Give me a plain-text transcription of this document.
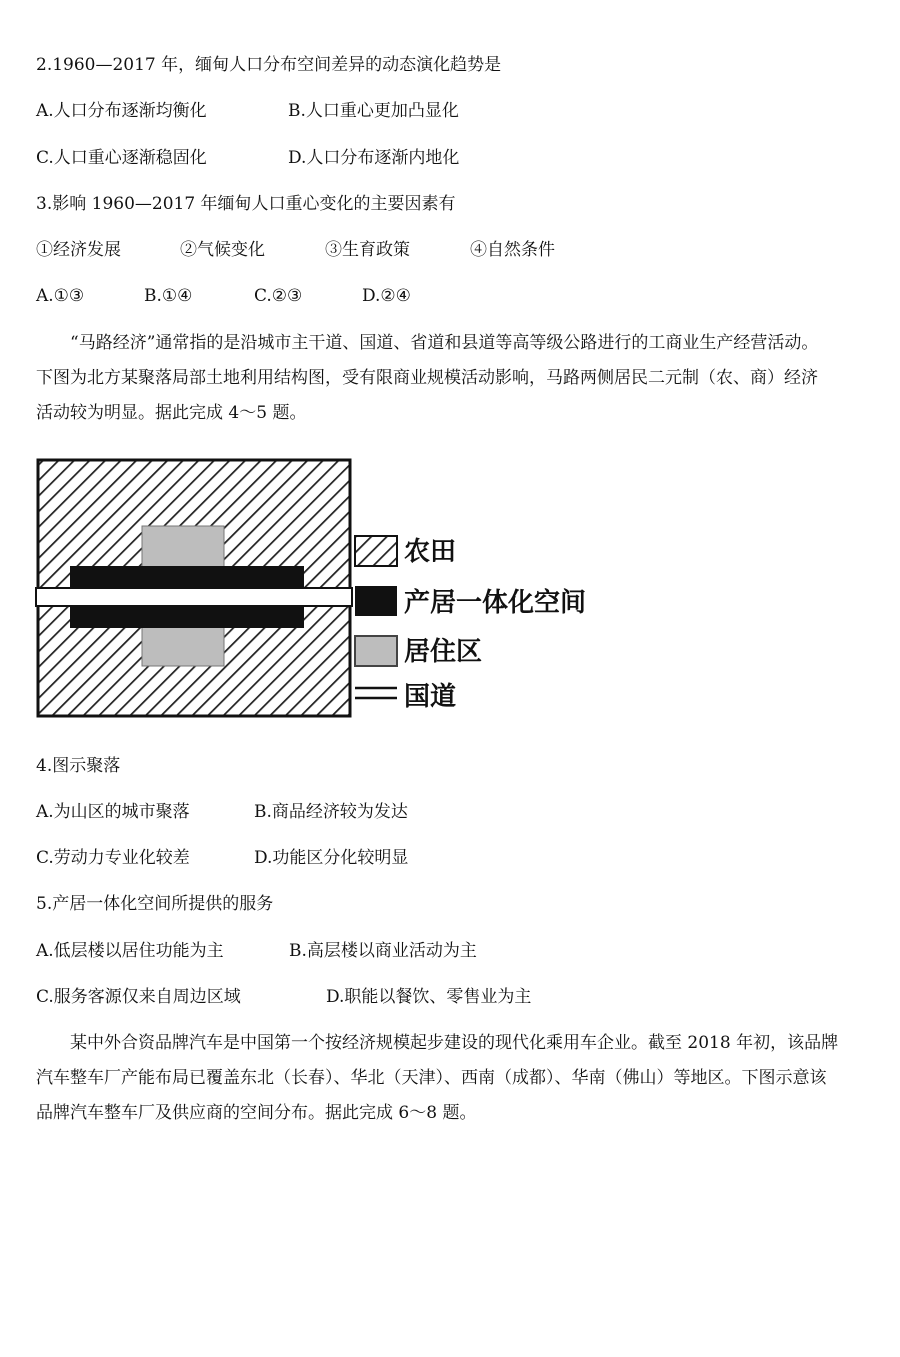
2.1960—2017 年，缅甸人口分布空间差异的动态演化趋势是
A.人口分布逐渐均衡化	B.人口重心更加凸显化
C.人口重心逐渐稳固化	D.人口分布逐渐内地化
3.影响 1960—2017 年缅甸人口重心变化的主要因素有
①经济发展	②气候变化	③生育政策	④自然条件
A.①③	B.①④	C.②③	D.②④
“马路经济”通常指的是沿城市主干道、国道、省道和县道等高等级公路进行的工商业生产经营活动。
下图为北方某聚落局部土地利用结构图，受有限商业规模活动影响，马路两侧居民二元制（农、商）经济
活动较为明显。据此完成 4～5 题。
农田
产居一体化空间
居住区
国道
4.图示聚落
A.为山区的城市聚落	B.商品经济较为发达
C.劳动力专业化较差	D.功能区分化较明显
5.产居一体化空间所提供的服务
A.低层楼以居住功能为主	B.高层楼以商业活动为主
C.服务客源仅来自周边区域	D.职能以餐饮、零售业为主
某中外合资品牌汽车是中国第一个按经济规模起步建设的现代化乘用车企业。截至 2018 年初，该品牌
汽车整车厂产能布局已覆盖东北（长春）、华北（天津）、西南（成都）、华南（佛山）等地区。下图示意该
品牌汽车整车厂及供应商的空间分布。据此完成 6～8 题。
